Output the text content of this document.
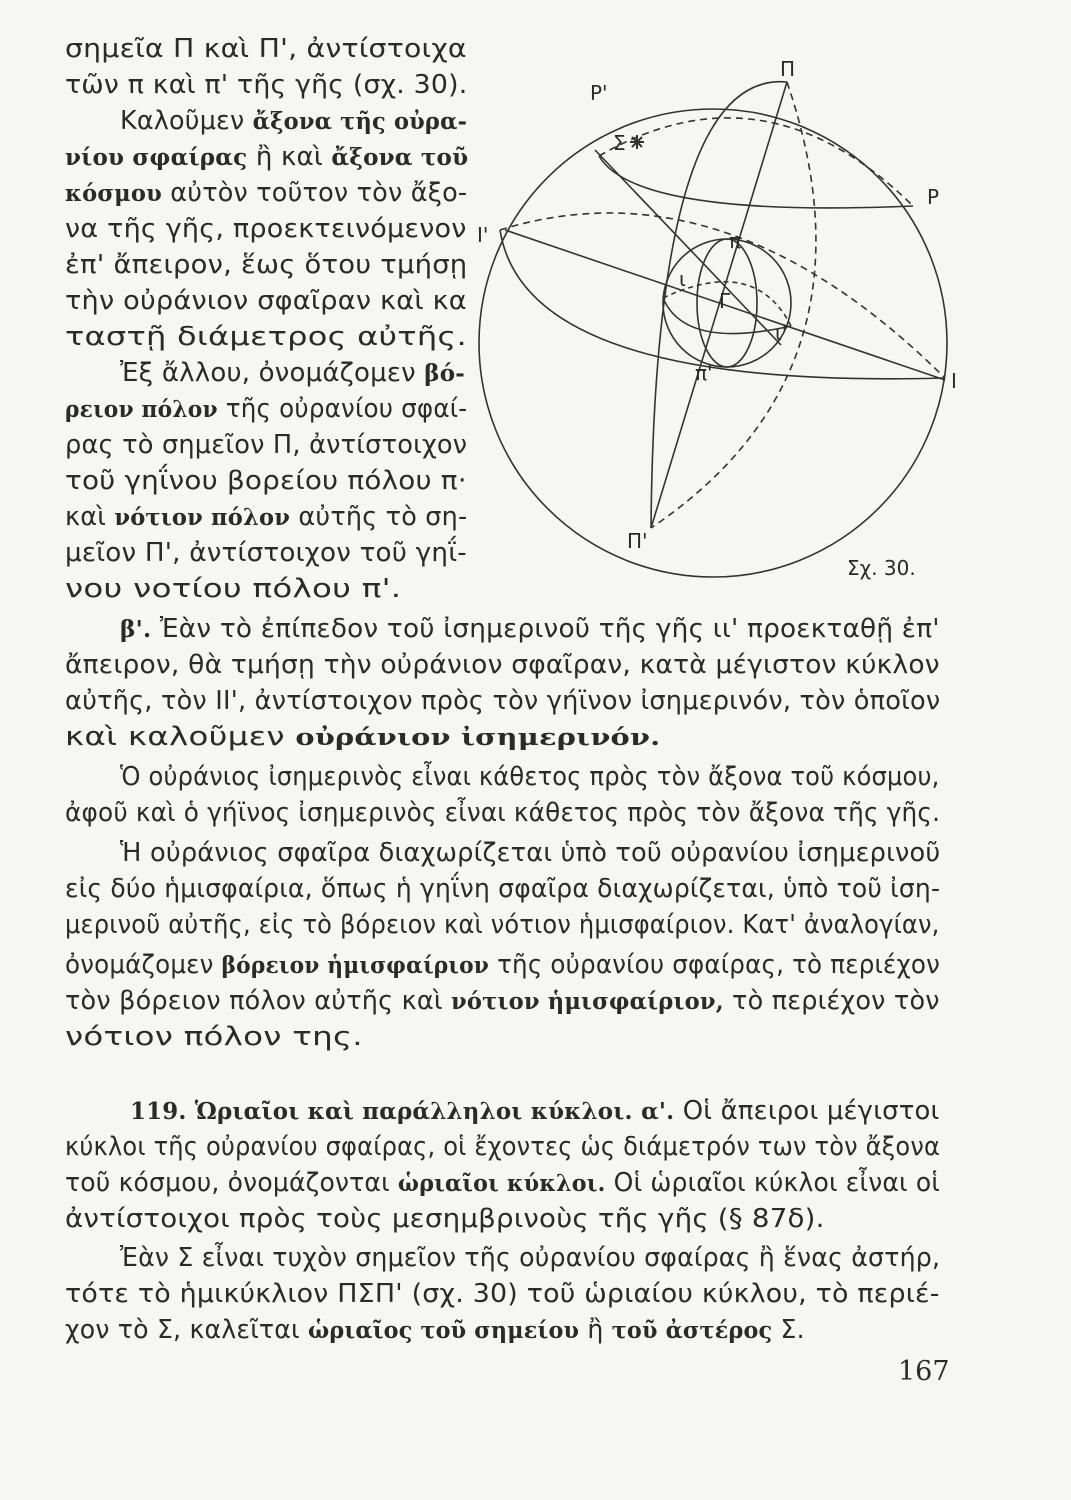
σημεῖα Π καὶ Π', ἀντίστοιχα
τῶν π καὶ π' τῆς γῆς (σχ. 30).
Καλοῦμεν ἄξονα τῆς οὐρα-
νίου σφαίρας ἢ καὶ ἄξονα τοῦ
κόσμου αὐτὸν τοῦτον τὸν ἄξο-
να τῆς γῆς, προεκτεινόμενον
ἐπ' ἄπειρον, ἕως ὅτου τμήσῃ
τὴν οὐράνιον σφαῖραν καὶ κα
ταστῇ διάμετρος αὐτῆς.
Ἐξ ἄλλου, ὀνομάζομεν βό-
ρειον πόλον τῆς οὐρανίου σφαί-
ρας τὸ σημεῖον Π, ἀντίστοιχον
τοῦ γηΐνου βορείου πόλου π·
καὶ νότιον πόλον αὐτῆς τὸ ση-
μεῖον Π', ἀντίστοιχον τοῦ γηΐ-
νου νοτίου πόλου π'.
β'. Ἐὰν τὸ ἐπίπεδον τοῦ ἰσημερινοῦ τῆς γῆς ιι' προεκταθῇ ἐπ'
ἄπειρον, θὰ τμήσῃ τὴν οὐράνιον σφαῖραν, κατὰ μέγιστον κύκλον
αὐτῆς, τὸν ΙΙ', ἀντίστοιχον πρὸς τὸν γήϊνον ἰσημερινόν, τὸν ὁποῖον
καὶ καλοῦμεν οὐράνιον ἰσημερινόν.
Ὁ οὐράνιος ἰσημερινὸς εἶναι κάθετος πρὸς τὸν ἄξονα τοῦ κόσμου,
ἀφοῦ καὶ ὁ γήϊνος ἰσημερινὸς εἶναι κάθετος πρὸς τὸν ἄξονα τῆς γῆς.
Ἡ οὐράνιος σφαῖρα διαχωρίζεται ὑπὸ τοῦ οὐρανίου ἰσημερινοῦ
εἰς δύο ἡμισφαίρια, ὅπως ἡ γηΐνη σφαῖρα διαχωρίζεται, ὑπὸ τοῦ ἰση-
μερινοῦ αὐτῆς, εἰς τὸ βόρειον καὶ νότιον ἡμισφαίριον. Κατ' ἀναλογίαν,
ὀνομάζομεν βόρειον ἡμισφαίριον τῆς οὐρανίου σφαίρας, τὸ περιέχον
τὸν βόρειον πόλον αὐτῆς καὶ νότιον ἡμισφαίριον, τὸ περιέχον τὸν
νότιον πόλον της.
119. Ὡριαῖοι καὶ παράλληλοι κύκλοι. α'. Οἱ ἄπειροι μέγιστοι
κύκλοι τῆς οὐρανίου σφαίρας, οἱ ἔχοντες ὡς διάμετρόν των τὸν ἄξονα
τοῦ κόσμου, ὀνομάζονται ὡριαῖοι κύκλοι. Οἱ ὡριαῖοι κύκλοι εἶναι οἱ
ἀντίστοιχοι πρὸς τοὺς μεσημβρινοὺς τῆς γῆς (§ 87δ).
Ἐὰν Σ εἶναι τυχὸν σημεῖον τῆς οὐρανίου σφαίρας ἢ ἕνας ἀστήρ,
τότε τὸ ἡμικύκλιον ΠΣΠ' (σχ. 30) τοῦ ὡριαίου κύκλου, τὸ περιέ-
χον τὸ Σ, καλεῖται ὡριαῖος τοῦ σημείου ἢ τοῦ ἀστέρος Σ.
Π
Ρ'
Σ
Ρ
Ι'	π
ι
Γ
ι'
π'	Ι
Π'
Σχ. 30.
167
